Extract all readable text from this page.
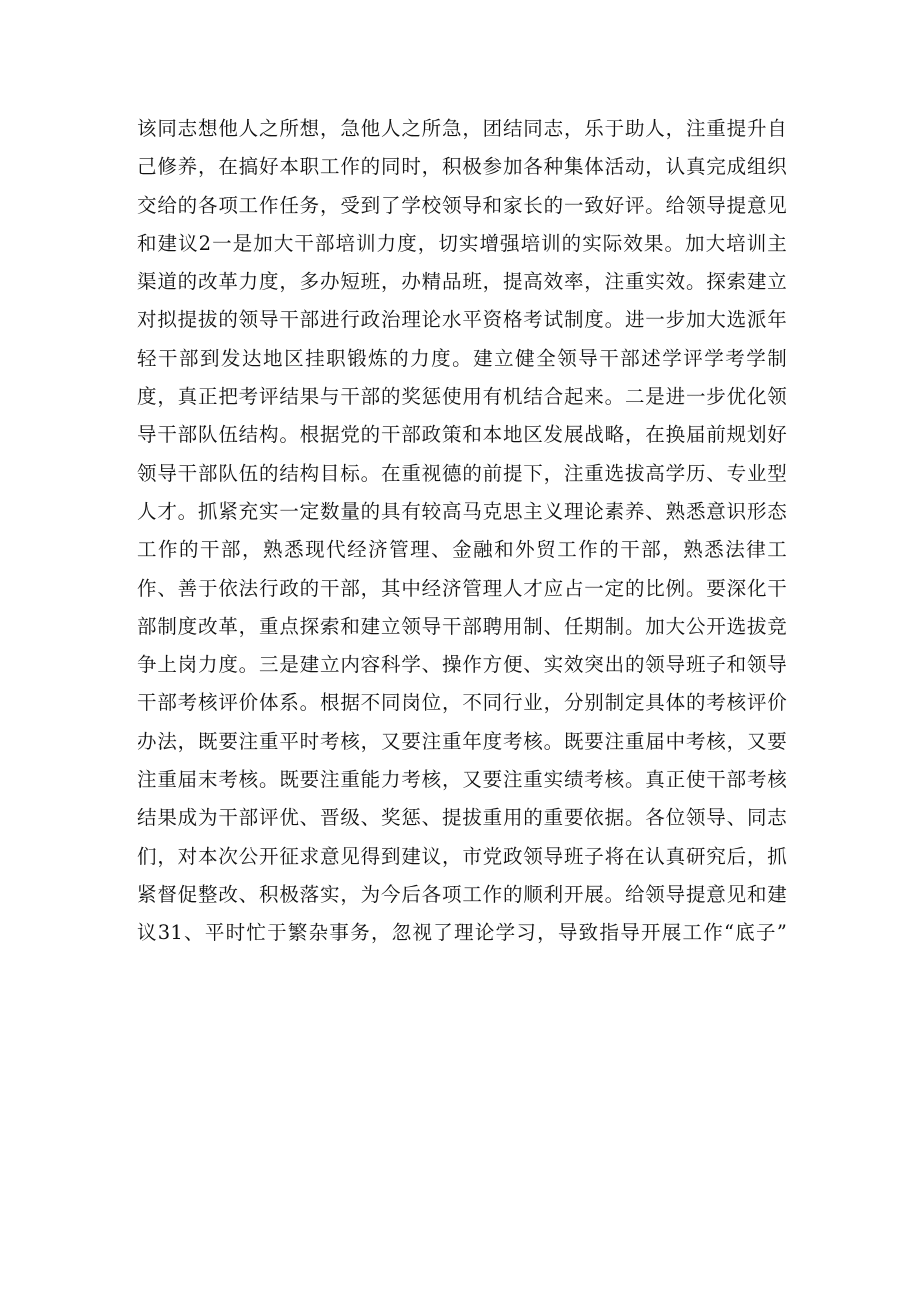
该同志想他人之所想，急他人之所急，团结同志，乐于助人，注重提升自
己修养，在搞好本职工作的同时，积极参加各种集体活动，认真完成组织
交给的各项工作任务，受到了学校领导和家长的一致好评。给领导提意见
和建议2一是加大干部培训力度，切实增强培训的实际效果。加大培训主
渠道的改革力度，多办短班，办精品班，提高效率，注重实效。探索建立
对拟提拔的领导干部进行政治理论水平资格考试制度。进一步加大选派年
轻干部到发达地区挂职锻炼的力度。建立健全领导干部述学评学考学制
度，真正把考评结果与干部的奖惩使用有机结合起来。二是进一步优化领
导干部队伍结构。根据党的干部政策和本地区发展战略，在换届前规划好
领导干部队伍的结构目标。在重视德的前提下，注重选拔高学历、专业型
人才。抓紧充实一定数量的具有较高马克思主义理论素养、熟悉意识形态
工作的干部，熟悉现代经济管理、金融和外贸工作的干部，熟悉法律工
作、善于依法行政的干部，其中经济管理人才应占一定的比例。要深化干
部制度改革，重点探索和建立领导干部聘用制、任期制。加大公开选拔竞
争上岗力度。三是建立内容科学、操作方便、实效突出的领导班子和领导
干部考核评价体系。根据不同岗位，不同行业，分别制定具体的考核评价
办法，既要注重平时考核，又要注重年度考核。既要注重届中考核，又要
注重届末考核。既要注重能力考核，又要注重实绩考核。真正使干部考核
结果成为干部评优、晋级、奖惩、提拔重用的重要依据。各位领导、同志
们，对本次公开征求意见得到建议，市党政领导班子将在认真研究后，抓
紧督促整改、积极落实，为今后各项工作的顺利开展。给领导提意见和建
议31、平时忙于繁杂事务，忽视了理论学习，导致指导开展工作“底子”
